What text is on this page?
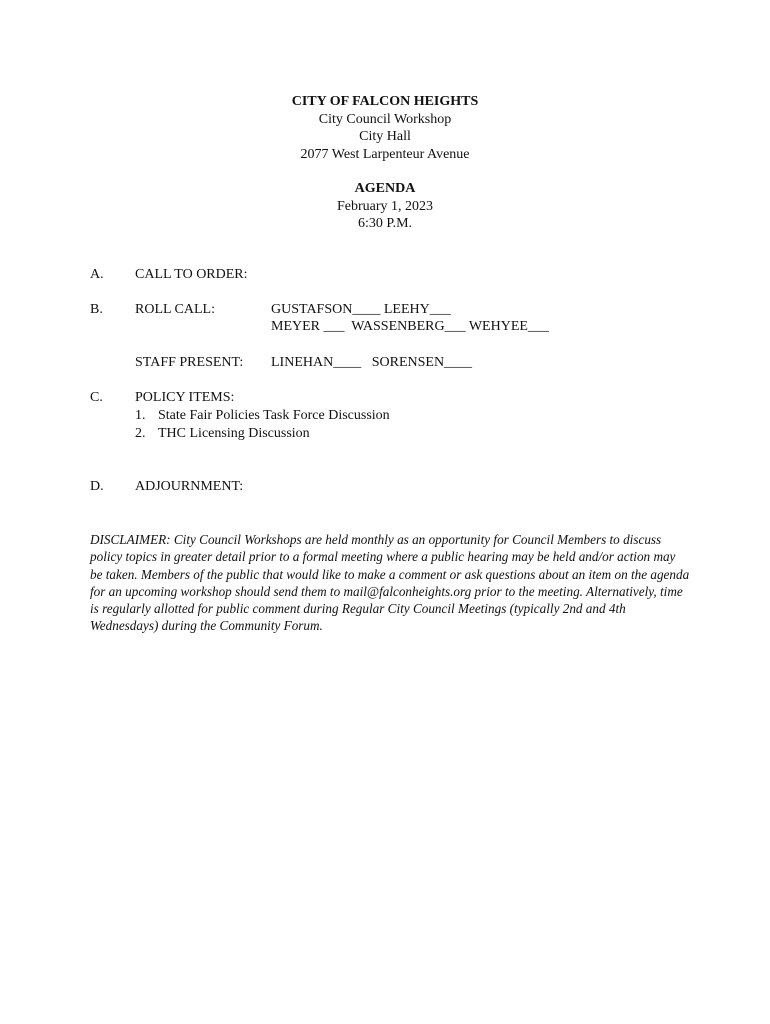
CITY OF FALCON HEIGHTS
City Council Workshop
City Hall
2077 West Larpenteur Avenue
AGENDA
February 1, 2023
6:30 P.M.
A. CALL TO ORDER:
B. ROLL CALL:	GUSTAFSON____ LEEHY___
MEYER ___  WASSENBERG___ WEHYEE___
STAFF PRESENT: LINEHAN____   SORENSEN____
C. POLICY ITEMS:
1. State Fair Policies Task Force Discussion
2. THC Licensing Discussion
D. ADJOURNMENT:
DISCLAIMER: City Council Workshops are held monthly as an opportunity for Council Members to discuss policy topics in greater detail prior to a formal meeting where a public hearing may be held and/or action may be taken. Members of the public that would like to make a comment or ask questions about an item on the agenda for an upcoming workshop should send them to mail@falconheights.org prior to the meeting. Alternatively, time is regularly allotted for public comment during Regular City Council Meetings (typically 2nd and 4th Wednesdays) during the Community Forum.
